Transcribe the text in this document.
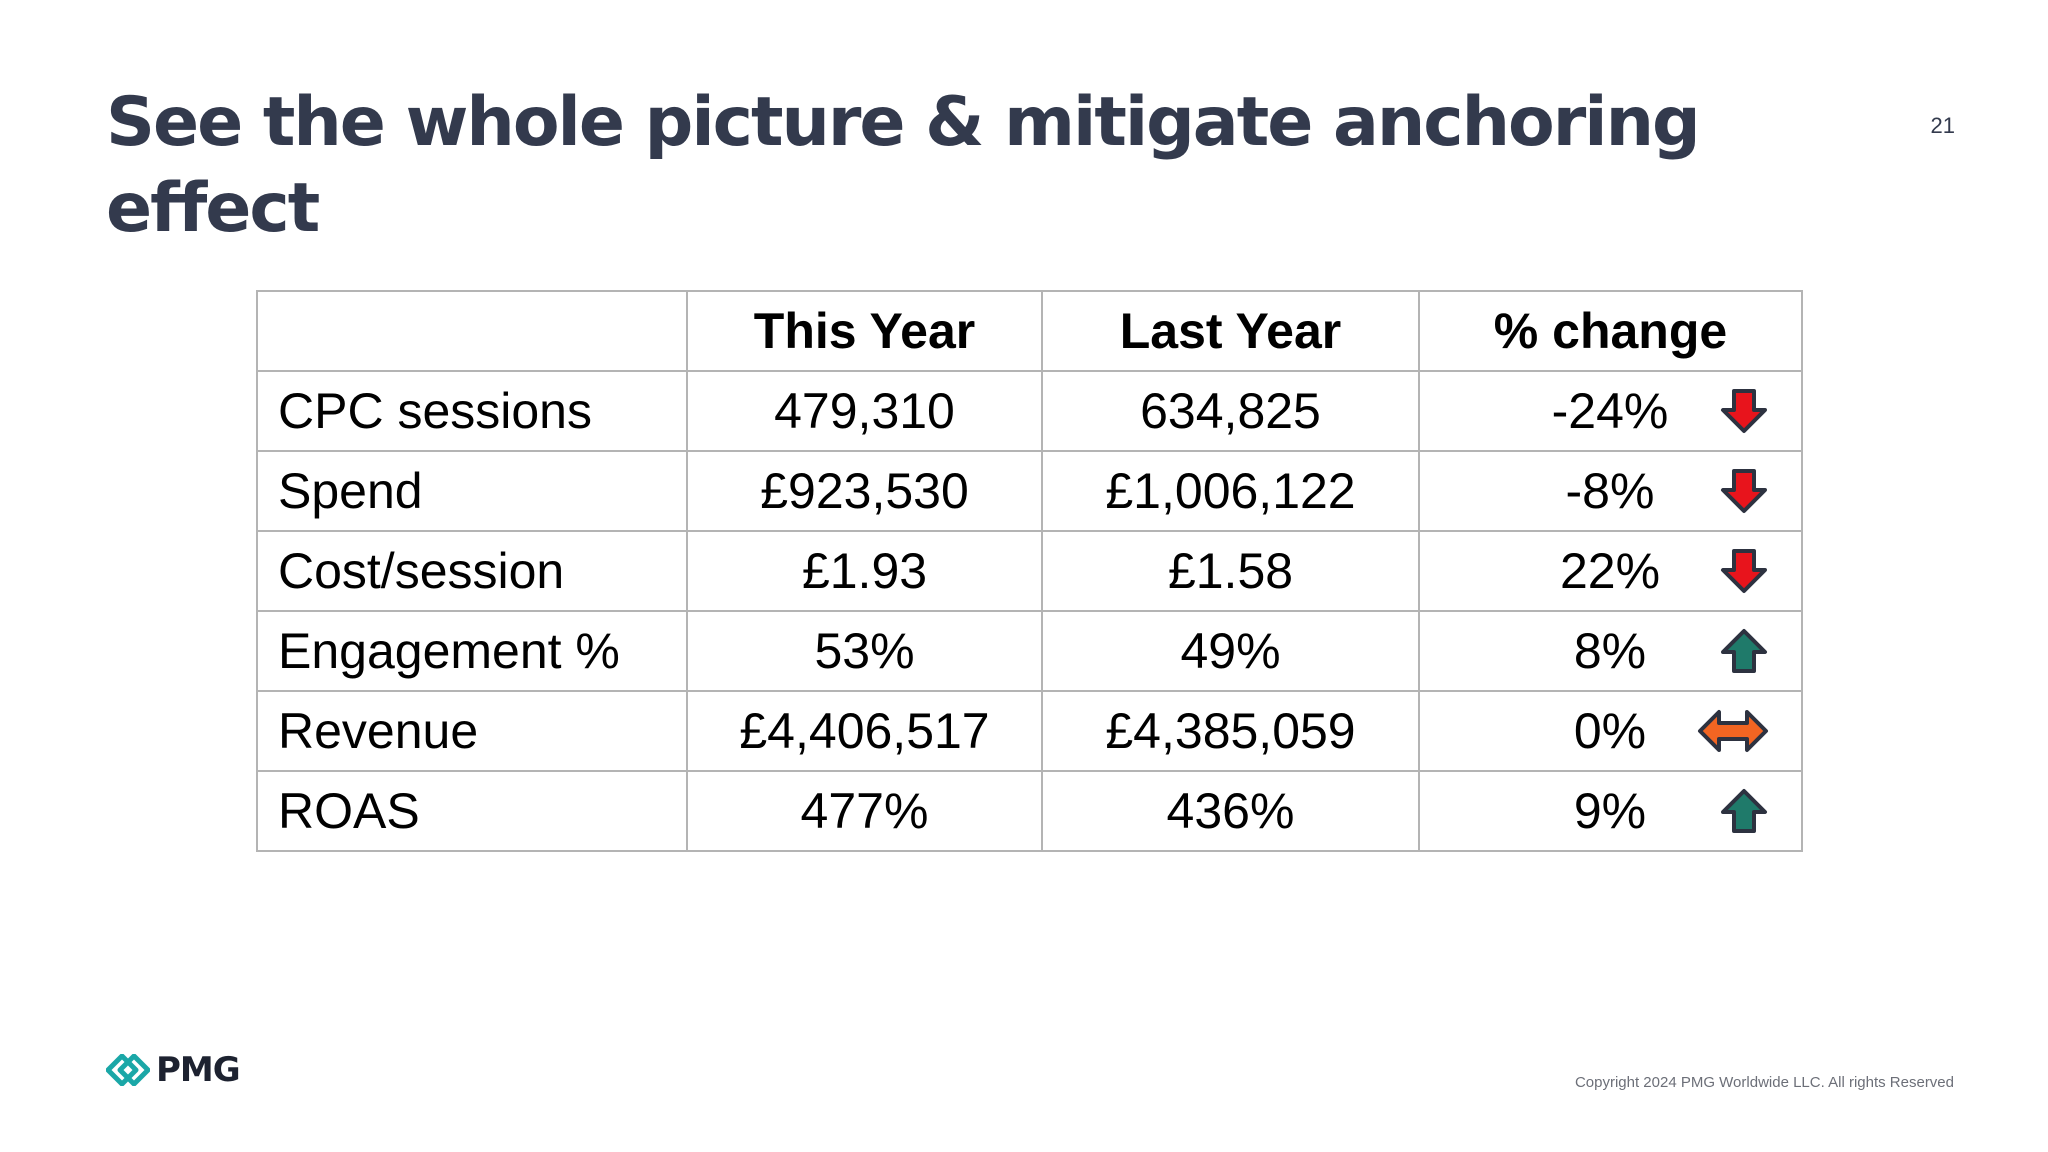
See the whole picture & mitigate anchoring effect
21
	This Year	Last Year	% change
CPC sessions	479,310	634,825	-24%

Spend	£923,530	£1,006,122	-8%

Cost/session	£1.93	£1.58	22%

Engagement %	53%	49%	8%

Revenue	£4,406,517	£4,385,059	0%

ROAS	477%	436%	9%
PMG	Copyright 2024 PMG Worldwide LLC. All rights Reserved
